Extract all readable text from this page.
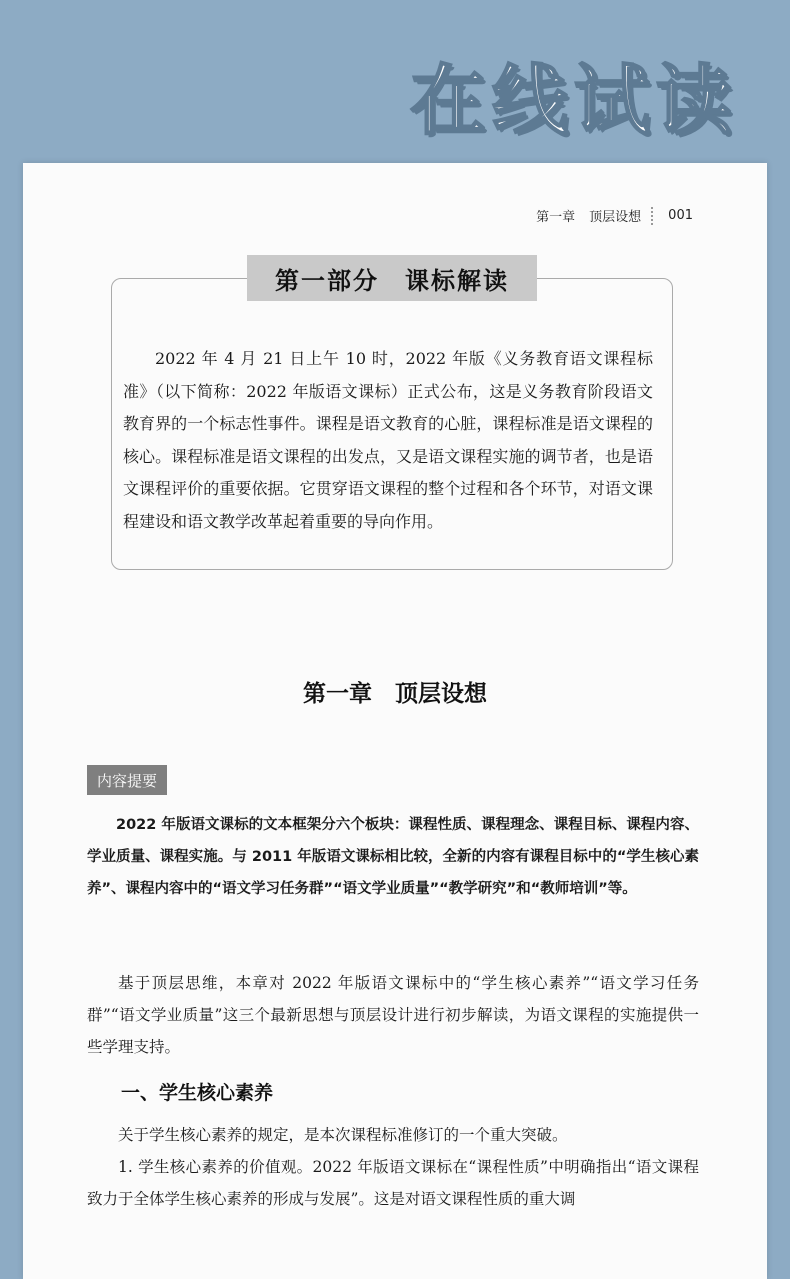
在线试读
第一章 顶层设想 001
第一部分　课标解读
2022 年 4 月 21 日上午 10 时，2022 年版《义务教育语文课程标准》（以下简称：2022 年版语文课标）正式公布，这是义务教育阶段语文教育界的一个标志性事件。课程是语文教育的心脏，课程标准是语文课程的核心。课程标准是语文课程的出发点，又是语文课程实施的调节者，也是语文课程评价的重要依据。它贯穿语文课程的整个过程和各个环节，对语文课程建设和语文教学改革起着重要的导向作用。
第一章　顶层设想
内容提要
2022 年版语文课标的文本框架分六个板块：课程性质、课程理念、课程目标、课程内容、学业质量、课程实施。与 2011 年版语文课标相比较，全新的内容有课程目标中的“学生核心素养”、课程内容中的“语文学习任务群”“语文学业质量”“教学研究”和“教师培训”等。
基于顶层思维，本章对 2022 年版语文课标中的“学生核心素养”“语文学习任务群”“语文学业质量”这三个最新思想与顶层设计进行初步解读，为语文课程的实施提供一些学理支持。
一、学生核心素养
关于学生核心素养的规定，是本次课程标准修订的一个重大突破。
1. 学生核心素养的价值观。2022 年版语文课标在“课程性质”中明确指出“语文课程致力于全体学生核心素养的形成与发展”。这是对语文课程性质的重大调
